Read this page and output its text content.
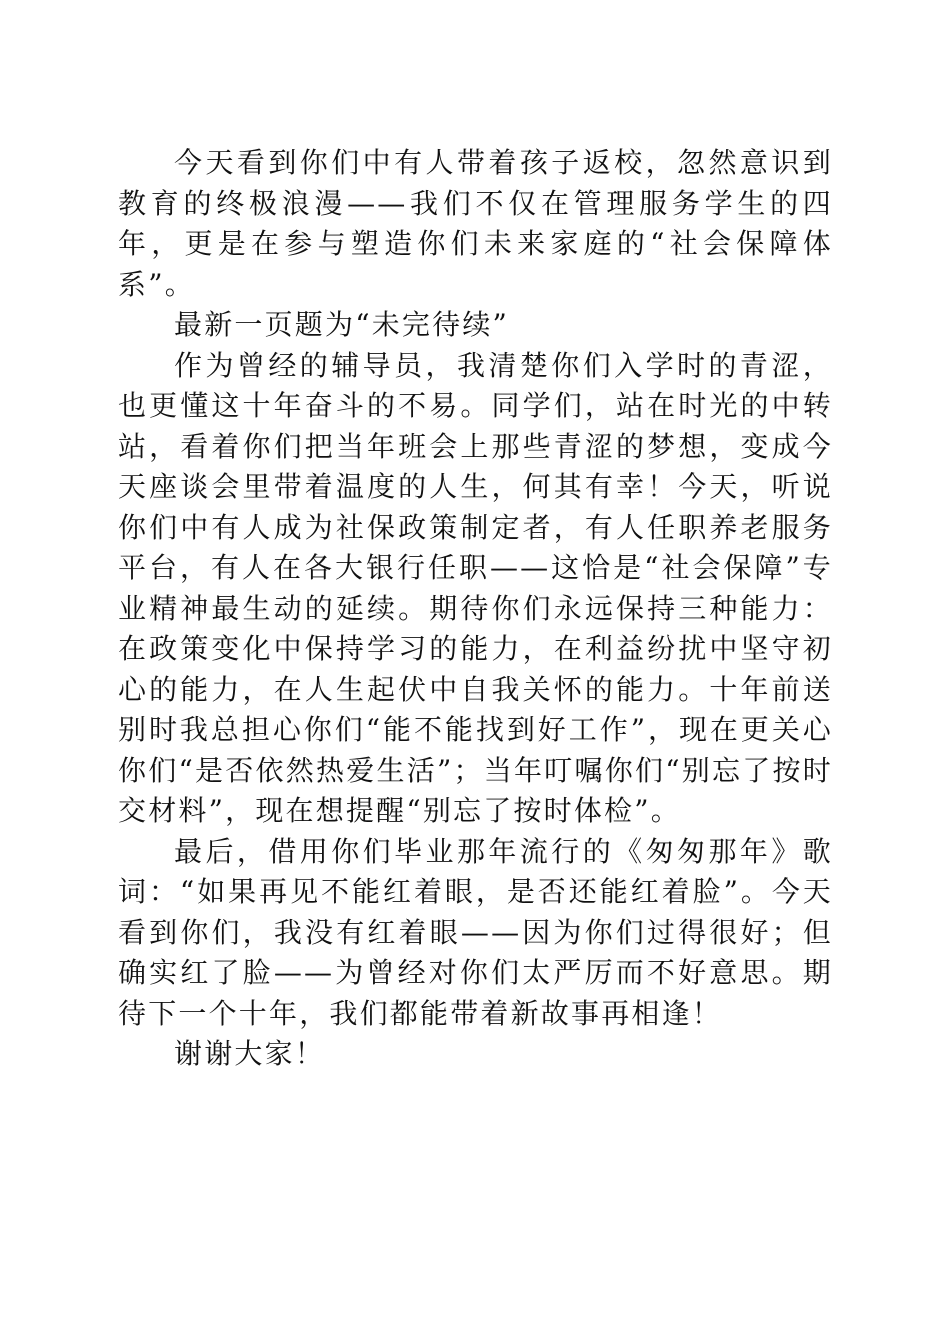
今天看到你们中有人带着孩子返校，忽然意识到教育的终极浪漫——我们不仅在管理服务学生的四年，更是在参与塑造你们未来家庭的“社会保障体系”。

最新一页题为“未完待续”

作为曾经的辅导员，我清楚你们入学时的青涩，也更懂这十年奋斗的不易。同学们，站在时光的中转站，看着你们把当年班会上那些青涩的梦想，变成今天座谈会里带着温度的人生，何其有幸！今天，听说你们中有人成为社保政策制定者，有人任职养老服务平台，有人在各大银行任职——这恰是“社会保障”专业精神最生动的延续。期待你们永远保持三种能力：在政策变化中保持学习的能力，在利益纷扰中坚守初心的能力，在人生起伏中自我关怀的能力。十年前送别时我总担心你们“能不能找到好工作”，现在更关心你们“是否依然热爱生活”；当年叮嘱你们“别忘了按时交材料”，现在想提醒“别忘了按时体检”。

最后，借用你们毕业那年流行的《匆匆那年》歌词：“如果再见不能红着眼，是否还能红着脸”。今天看到你们，我没有红着眼——因为你们过得很好；但确实红了脸——为曾经对你们太严厉而不好意思。期待下一个十年，我们都能带着新故事再相逢！

谢谢大家！
